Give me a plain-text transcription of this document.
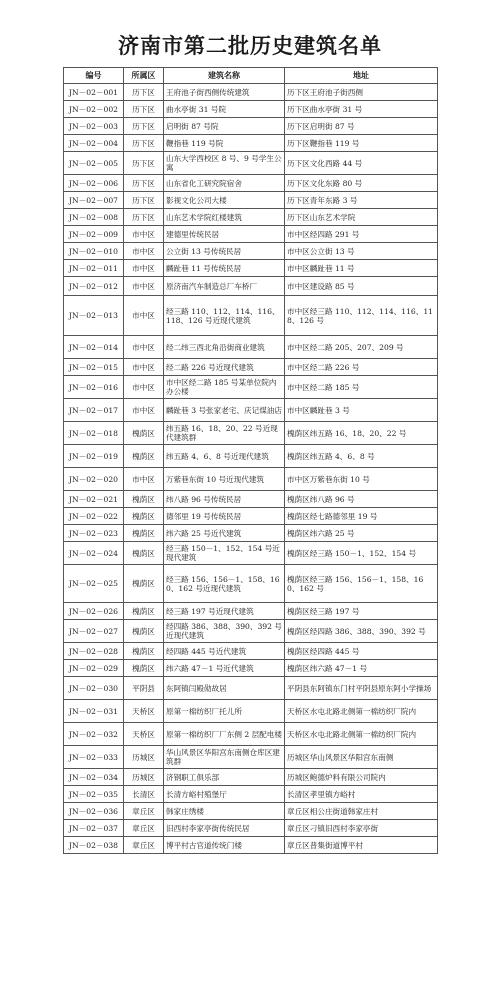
济南市第二批历史建筑名单
编号	所属区	建筑名称	地址
JN－02－001	历下区	王府池子街西侧传统建筑	历下区王府池子街西侧
JN－02－002	历下区	曲水亭街 31 号院	历下区曲水亭街 31 号
JN－02－003	历下区	启明街 87 号院	历下区启明街 87 号
JN－02－004	历下区	鞭指巷 119 号院	历下区鞭指巷 119 号
JN－02－005	历下区	山东大学西校区 8 号、9 号学生公寓	历下区文化西路 44 号
JN－02－006	历下区	山东省化工研究院宿舍	历下区文化东路 80 号
JN－02－007	历下区	影视文化公司大楼	历下区青年东路 3 号
JN－02－008	历下区	山东艺术学院红楼建筑	历下区山东艺术学院
JN－02－009	市中区	建德里传统民居	市中区经四路 291 号
JN－02－010	市中区	公立街 13 号传统民居	市中区公立街 13 号
JN－02－011	市中区	麟趾巷 11 号传统民居	市中区麟趾巷 11 号
JN－02－012	市中区	原济南汽车制造总厂车桥厂	市中区建设路 85 号
JN－02－013	市中区	经三路 110、112、114、116、118、126 号近现代建筑	市中区经三路 110、112、114、116、118、126 号
JN－02－014	市中区	经二纬三西北角沿街商业建筑	市中区经二路 205、207、209 号
JN－02－015	市中区	经二路 226 号近现代建筑	市中区经二路 226 号
JN－02－016	市中区	市中区经二路 185 号某单位院内办公楼	市中区经二路 185 号
JN－02－017	市中区	麟趾巷 3 号张家老宅、庆记煤油店	市中区麟趾巷 3 号
JN－02－018	槐荫区	纬五路 16、18、20、22 号近现代建筑群	槐荫区纬五路 16、18、20、22 号
JN－02－019	槐荫区	纬五路 4、6、8 号近现代建筑	槐荫区纬五路 4、6、8 号
JN－02－020	市中区	万紫巷东街 10 号近现代建筑	市中区万紫巷东街 10 号
JN－02－021	槐荫区	纬八路 96 号传统民居	槐荫区纬八路 96 号
JN－02－022	槐荫区	德邻里 19 号传统民居	槐荫区经七路德邻里 19 号
JN－02－023	槐荫区	纬六路 25 号近代建筑	槐荫区纬六路 25 号
JN－02－024	槐荫区	经三路 150－1、152、154 号近现代建筑	槐荫区经三路 150－1、152、154 号
JN－02－025	槐荫区	经三路 156、156－1、158、160、162 号近现代建筑	槐荫区经三路 156、156－1、158、160、162 号
JN－02－026	槐荫区	经三路 197 号近现代建筑	槐荫区经三路 197 号
JN－02－027	槐荫区	经四路 386、388、390、392 号近现代建筑	槐荫区经四路 386、388、390、392 号
JN－02－028	槐荫区	经四路 445 号近代建筑	槐荫区经四路 445 号
JN－02－029	槐荫区	纬六路 47－1 号近代建筑	槐荫区纬六路 47－1 号
JN－02－030	平阴县	东阿镇闫殿勋故居	平阴县东阿镇东门村平阴县原东阿小学操场
JN－02－031	天桥区	原第一棉纺织厂托儿所	天桥区水屯北路北侧第一棉纺织厂院内
JN－02－032	天桥区	原第一棉纺织厂厂东侧 2 层配电楼	天桥区水屯北路北侧第一棉纺织厂院内
JN－02－033	历城区	华山风景区华阳宫东南侧仓库区建筑群	历城区华山风景区华阳宫东南侧
JN－02－034	历城区	济钢职工俱乐部	历城区鲍德炉料有限公司院内
JN－02－035	长清区	长清方峪村殖堡厅	长清区孝里镇方峪村
JN－02－036	章丘区	韩家庄绣楼	章丘区相公庄街道韩家庄村
JN－02－037	章丘区	旧西村李家亭街传统民居	章丘区刁镇旧西村李家亭街
JN－02－038	章丘区	博平村古官道传统门楼	章丘区普集街道博平村
